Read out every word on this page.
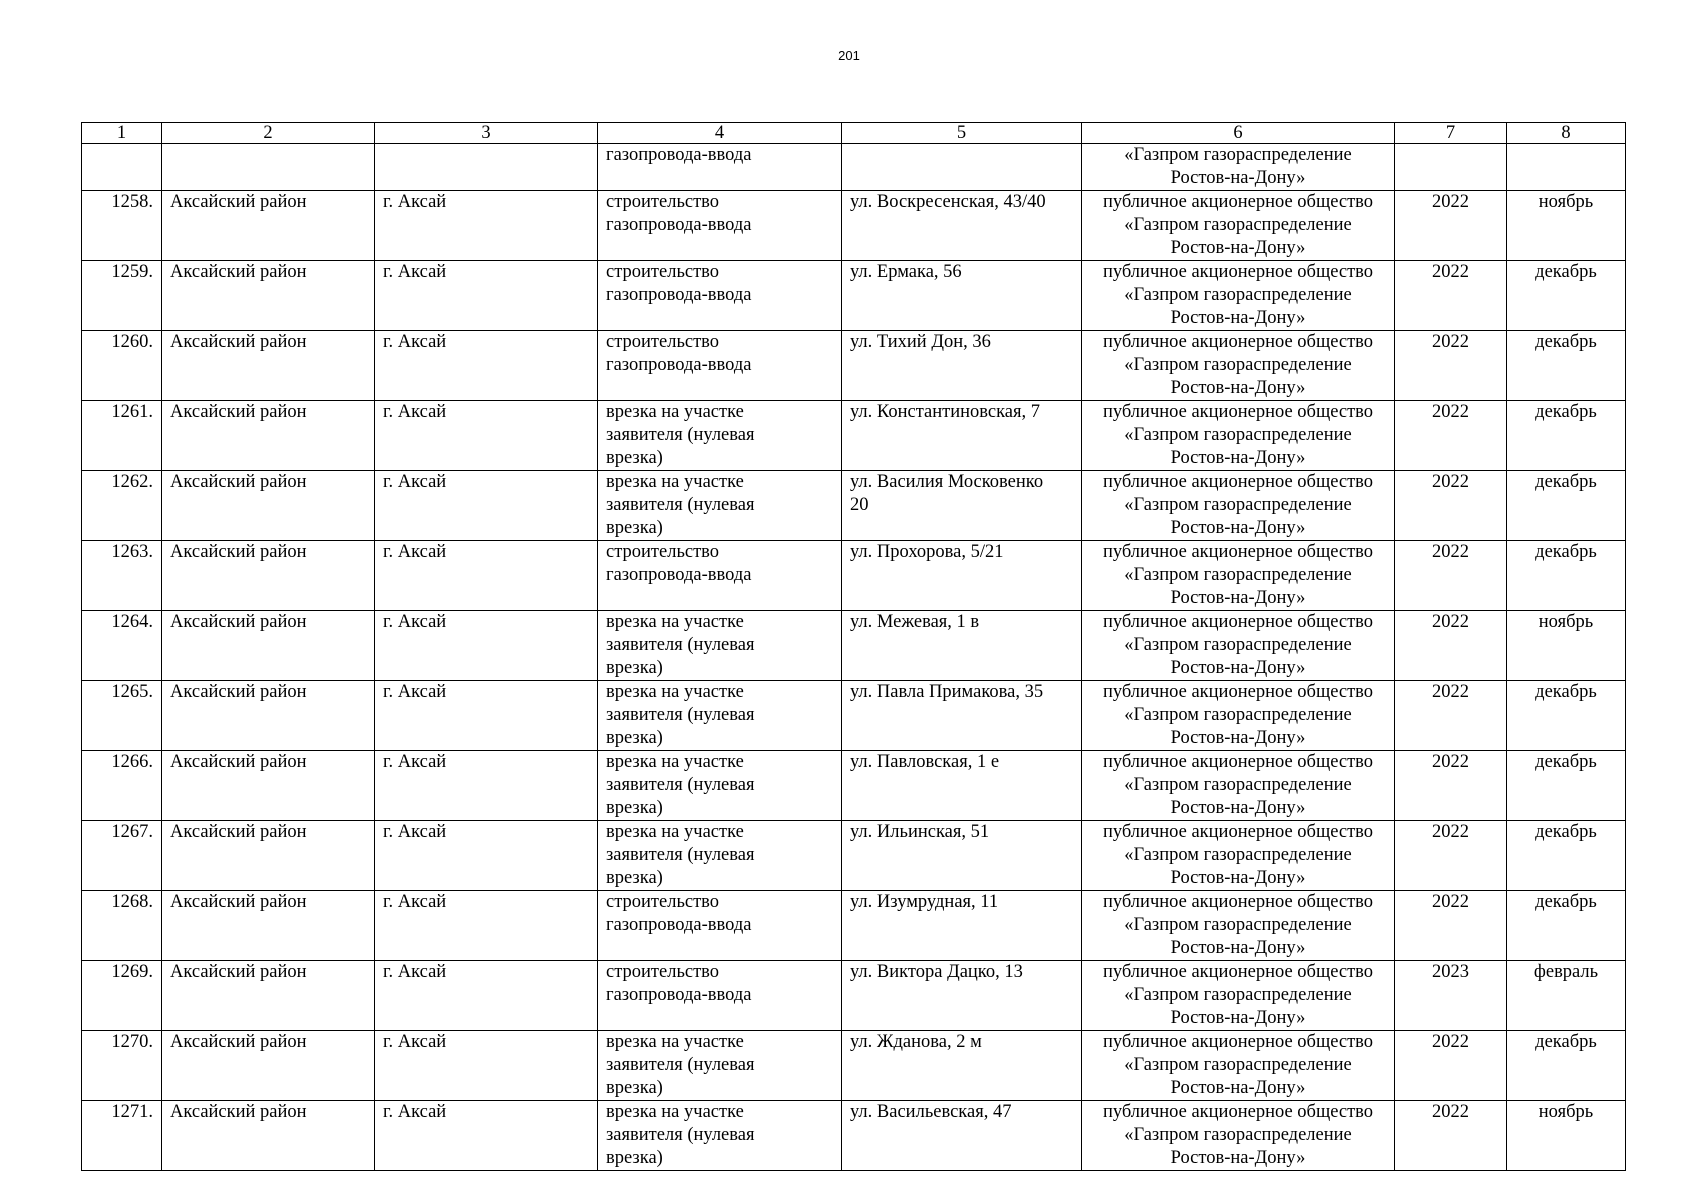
201
1	2	3	4	5	6	7	8

			газопровода-ввода		«Газпром газораспределение
Ростов-на-Дону»		

1258.	Аксайский район	г. Аксай	строительство
газопровода-ввода	ул. Воскресенская, 43/40	публичное акционерное общество
«Газпром газораспределение
Ростов-на-Дону»	2022	ноябрь
1259.	Аксайский район	г. Аксай	строительство
газопровода-ввода	ул. Ермака, 56	публичное акционерное общество
«Газпром газораспределение
Ростов-на-Дону»	2022	декабрь
1260.	Аксайский район	г. Аксай	строительство
газопровода-ввода	ул. Тихий Дон, 36	публичное акционерное общество
«Газпром газораспределение
Ростов-на-Дону»	2022	декабрь
1261.	Аксайский район	г. Аксай	врезка на участке
заявителя (нулевая
врезка)	ул. Константиновская, 7	публичное акционерное общество
«Газпром газораспределение
Ростов-на-Дону»	2022	декабрь
1262.	Аксайский район	г. Аксай	врезка на участке
заявителя (нулевая
врезка)	ул. Василия Московенко
20	публичное акционерное общество
«Газпром газораспределение
Ростов-на-Дону»	2022	декабрь
1263.	Аксайский район	г. Аксай	строительство
газопровода-ввода	ул. Прохорова, 5/21	публичное акционерное общество
«Газпром газораспределение
Ростов-на-Дону»	2022	декабрь
1264.	Аксайский район	г. Аксай	врезка на участке
заявителя (нулевая
врезка)	ул. Межевая, 1 в	публичное акционерное общество
«Газпром газораспределение
Ростов-на-Дону»	2022	ноябрь
1265.	Аксайский район	г. Аксай	врезка на участке
заявителя (нулевая
врезка)	ул. Павла Примакова, 35	публичное акционерное общество
«Газпром газораспределение
Ростов-на-Дону»	2022	декабрь
1266.	Аксайский район	г. Аксай	врезка на участке
заявителя (нулевая
врезка)	ул. Павловская, 1 е	публичное акционерное общество
«Газпром газораспределение
Ростов-на-Дону»	2022	декабрь
1267.	Аксайский район	г. Аксай	врезка на участке
заявителя (нулевая
врезка)	ул. Ильинская, 51	публичное акционерное общество
«Газпром газораспределение
Ростов-на-Дону»	2022	декабрь
1268.	Аксайский район	г. Аксай	строительство
газопровода-ввода	ул. Изумрудная, 11	публичное акционерное общество
«Газпром газораспределение
Ростов-на-Дону»	2022	декабрь
1269.	Аксайский район	г. Аксай	строительство
газопровода-ввода	ул. Виктора Дацко, 13	публичное акционерное общество
«Газпром газораспределение
Ростов-на-Дону»	2023	февраль
1270.	Аксайский район	г. Аксай	врезка на участке
заявителя (нулевая
врезка)	ул. Жданова, 2 м	публичное акционерное общество
«Газпром газораспределение
Ростов-на-Дону»	2022	декабрь
1271.	Аксайский район	г. Аксай	врезка на участке
заявителя (нулевая
врезка)	ул. Васильевская, 47	публичное акционерное общество
«Газпром газораспределение
Ростов-на-Дону»	2022	ноябрь
